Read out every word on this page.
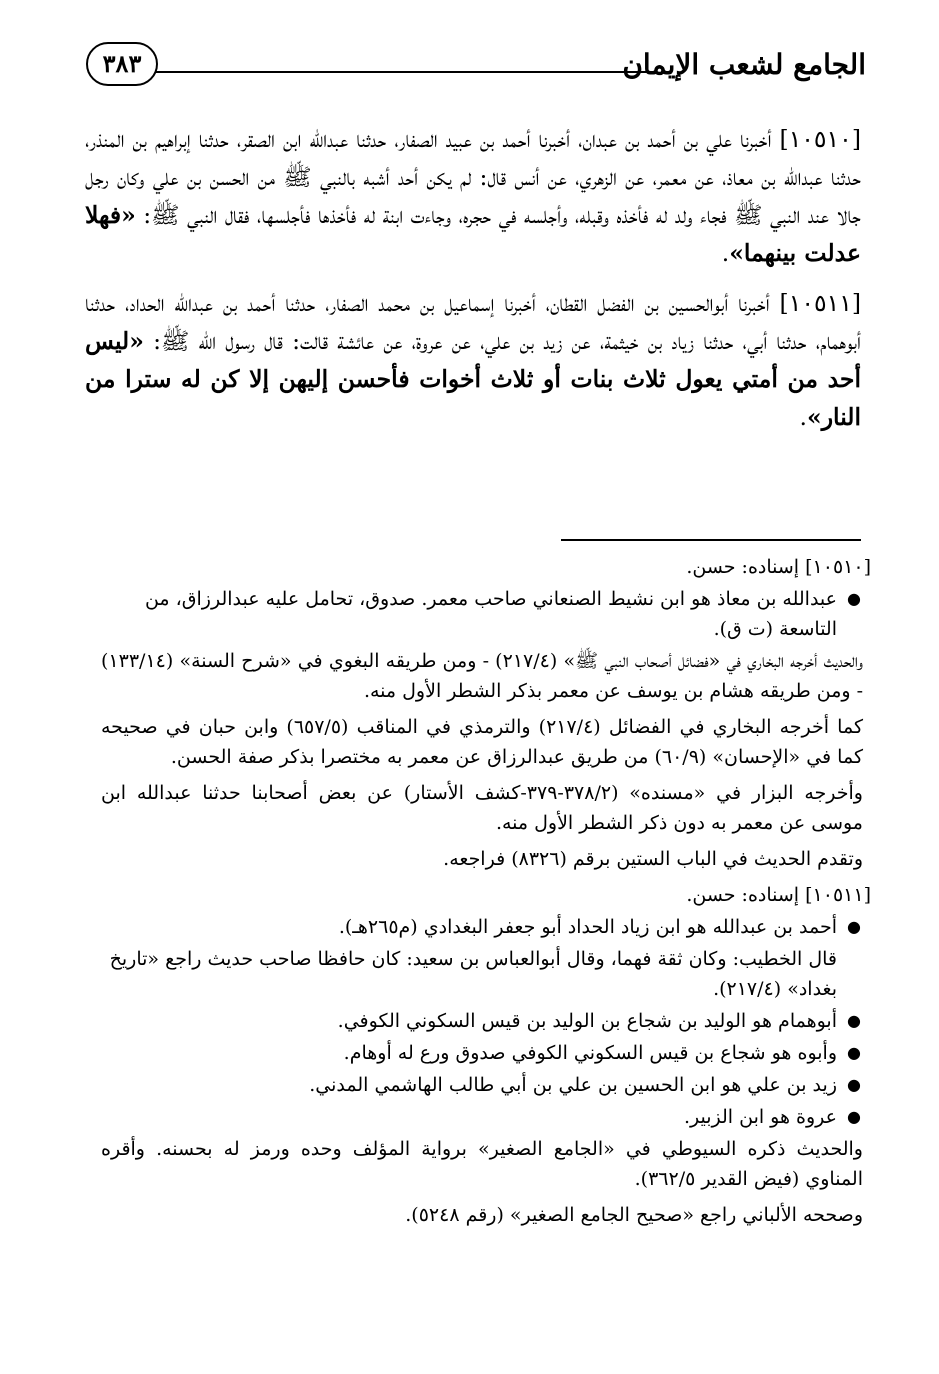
الجامع لشعب الإيمان
٣٨٣

[١٠٥١٠] أخبرنا علي بن أحمد بن عبدان، أخبرنا أحمد بن عبيد الصفار، حدثنا عبدالله ابن الصقر، حدثنا إبراهيم بن المنذر، حدثنا عبدالله بن معاذ، عن معمر، عن الزهري، عن أنس قال: لم يكن أحد أشبه بالنبي ﷺ من الحسن بن علي وكان رجل جالا عند النبي ﷺ فجاء ولد له فأخذه وقبله، وأجلسه في حجره، وجاءت ابنة له فأخذها فأجلسها، فقال النبي ﷺ: «فهلا عدلت بينهما».

[١٠٥١١] أخبرنا أبوالحسين بن الفضل القطان، أخبرنا إسماعيل بن محمد الصفار، حدثنا أحمد بن عبدالله الحداد، حدثنا أبوهمام، حدثنا أبي، حدثنا زياد بن خيثمة، عن زيد بن علي، عن عروة، عن عائشة قالت: قال رسول الله ﷺ: «ليس أحد من أمتي يعول ثلاث بنات أو ثلاث أخوات فأحسن إليهن إلا كن له سترا من النار».

[١٠٥١٠] إسناده: حسن.
●
عبدالله بن معاذ هو ابن نشيط الصنعاني صاحب معمر. صدوق، تحامل عليه عبدالرزاق، من التاسعة (ت ق).

والحديث أخرجه البخاري في «فضائل أصحاب النبي ﷺ» (٢١٧/٤) - ومن طريقه البغوي في «شرح السنة» (١٣٣/١٤) - ومن طريقه هشام بن يوسف عن معمر بذكر الشطر الأول منه.

كما أخرجه البخاري في الفضائل (٢١٧/٤) والترمذي في المناقب (٦٥٧/٥) وابن حبان في صحيحه كما في «الإحسان» (٦٠/٩) من طريق عبدالرزاق عن معمر به مختصرا بذكر صفة الحسن.

وأخرجه البزار في «مسنده» (٣٧٨/٢-٣٧٩-كشف الأستار) عن بعض أصحابنا حدثنا عبدالله ابن موسى عن معمر به دون ذكر الشطر الأول منه.

وتقدم الحديث في الباب الستين برقم (٨٣٢٦) فراجعه.

[١٠٥١١] إسناده: حسن.
●
أحمد بن عبدالله هو ابن زياد الحداد أبو جعفر البغدادي (م٢٦٥هـ).
قال الخطيب: وكان ثقة فهما، وقال أبوالعباس بن سعيد: كان حافظا صاحب حديث راجع «تاريخ بغداد» (٢١٧/٤).
●
أبوهمام هو الوليد بن شجاع بن الوليد بن قيس السكوني الكوفي.
●
وأبوه هو شجاع بن قيس السكوني الكوفي صدوق ورع له أوهام.
●
زيد بن علي هو ابن الحسين بن علي بن أبي طالب الهاشمي المدني.
●
عروة هو ابن الزبير.

والحديث ذكره السيوطي في «الجامع الصغير» برواية المؤلف وحده ورمز له بحسنه. وأقره المناوي (فيض القدير ٣٦٢/٥).

وصححه الألباني راجع «صحيح الجامع الصغير» (رقم ٥٢٤٨).
